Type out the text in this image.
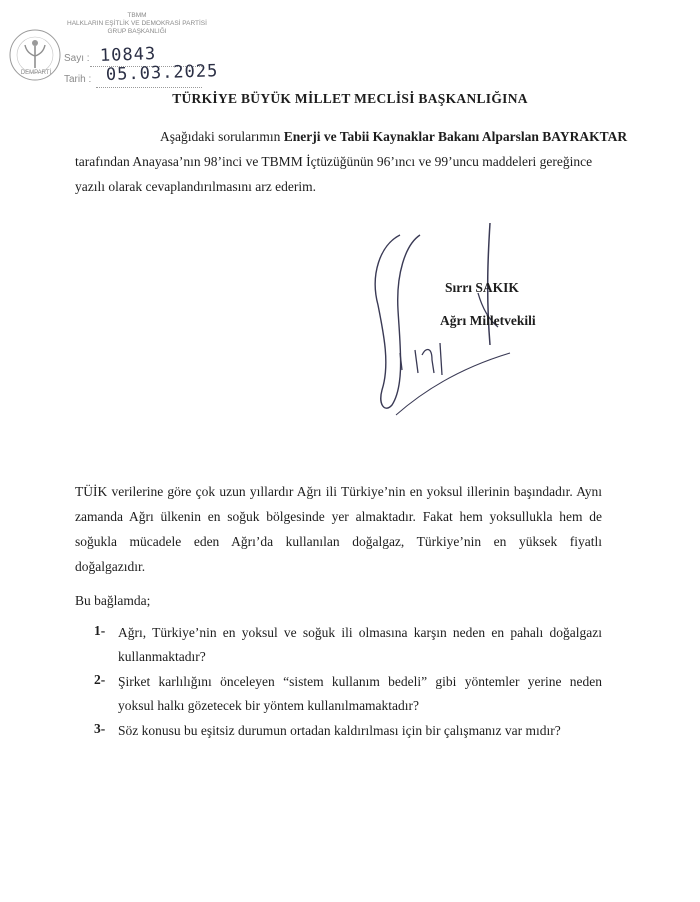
DEMPARTİ
TBMM
HALKLARIN EŞİTLİK VE DEMOKRASİ PARTİSİ
GRUP BAŞKANLIĞI
Sayı : 10843
Tarih : 05.03.2025
TÜRKİYE BÜYÜK MİLLET MECLİSİ BAŞKANLIĞINA
Aşağıdaki sorularımın Enerji ve Tabii Kaynaklar Bakanı Alparslan BAYRAKTAR
tarafından Anayasa’nın 98’inci ve TBMM İçtüzüğünün 96’ıncı ve 99’uncu maddeleri gereğince
yazılı olarak cevaplandırılmasını arz ederim.
Sırrı SAKIK
Ağrı Milletvekili
TÜİK verilerine göre çok uzun yıllardır Ağrı ili Türkiye’nin en yoksul illerinin başındadır. Aynı
zamanda Ağrı ülkenin en soğuk bölgesinde yer almaktadır. Fakat hem yoksullukla hem de
soğukla mücadele eden Ağrı’da kullanılan doğalgaz, Türkiye’nin en yüksek fiyatlı
doğalgazıdır.
Bu bağlamda;
1- Ağrı, Türkiye’nin en yoksul ve soğuk ili olmasına karşın neden en pahalı doğalgazı
kullanmaktadır?
2- Şirket karlılığını önceleyen “sistem kullanım bedeli” gibi yöntemler yerine neden
yoksul halkı gözetecek bir yöntem kullanılmamaktadır?
3- Söz konusu bu eşitsiz durumun ortadan kaldırılması için bir çalışmanız var mıdır?
